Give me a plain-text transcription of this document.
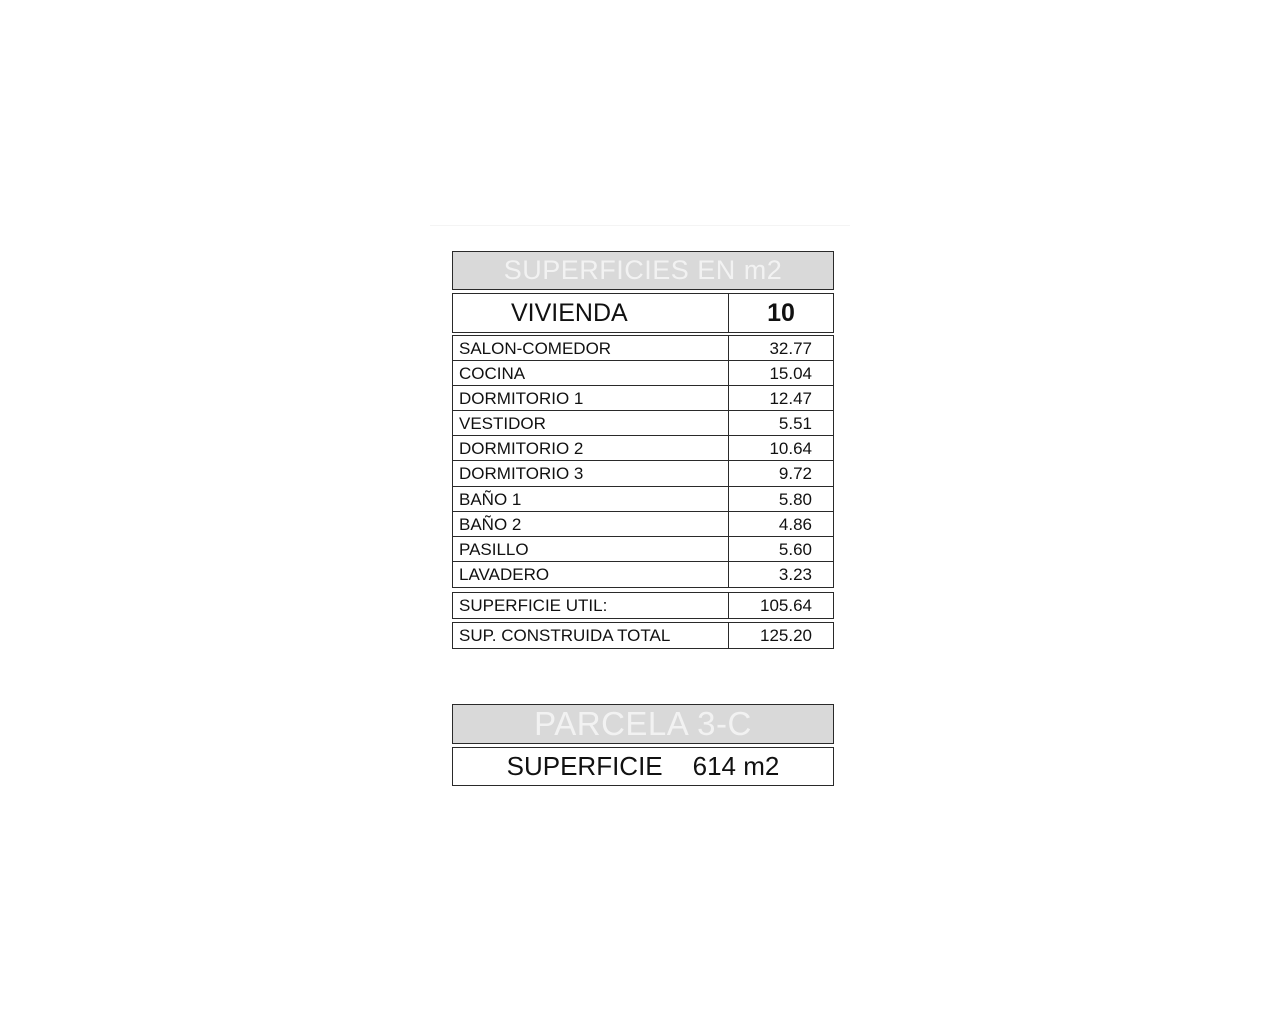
SUPERFICIES EN m2
VIVIENDA	10
SALON-COMEDOR	32.77
COCINA	15.04
DORMITORIO 1	12.47
VESTIDOR	5.51
DORMITORIO 2	10.64
DORMITORIO 3	9.72
BAÑO 1	5.80
BAÑO 2	4.86
PASILLO	5.60
LAVADERO	3.23
SUPERFICIE UTIL:	105.64
SUP. CONSTRUIDA TOTAL	125.20
PARCELA 3-C
SUPERFICIE 614 m2
